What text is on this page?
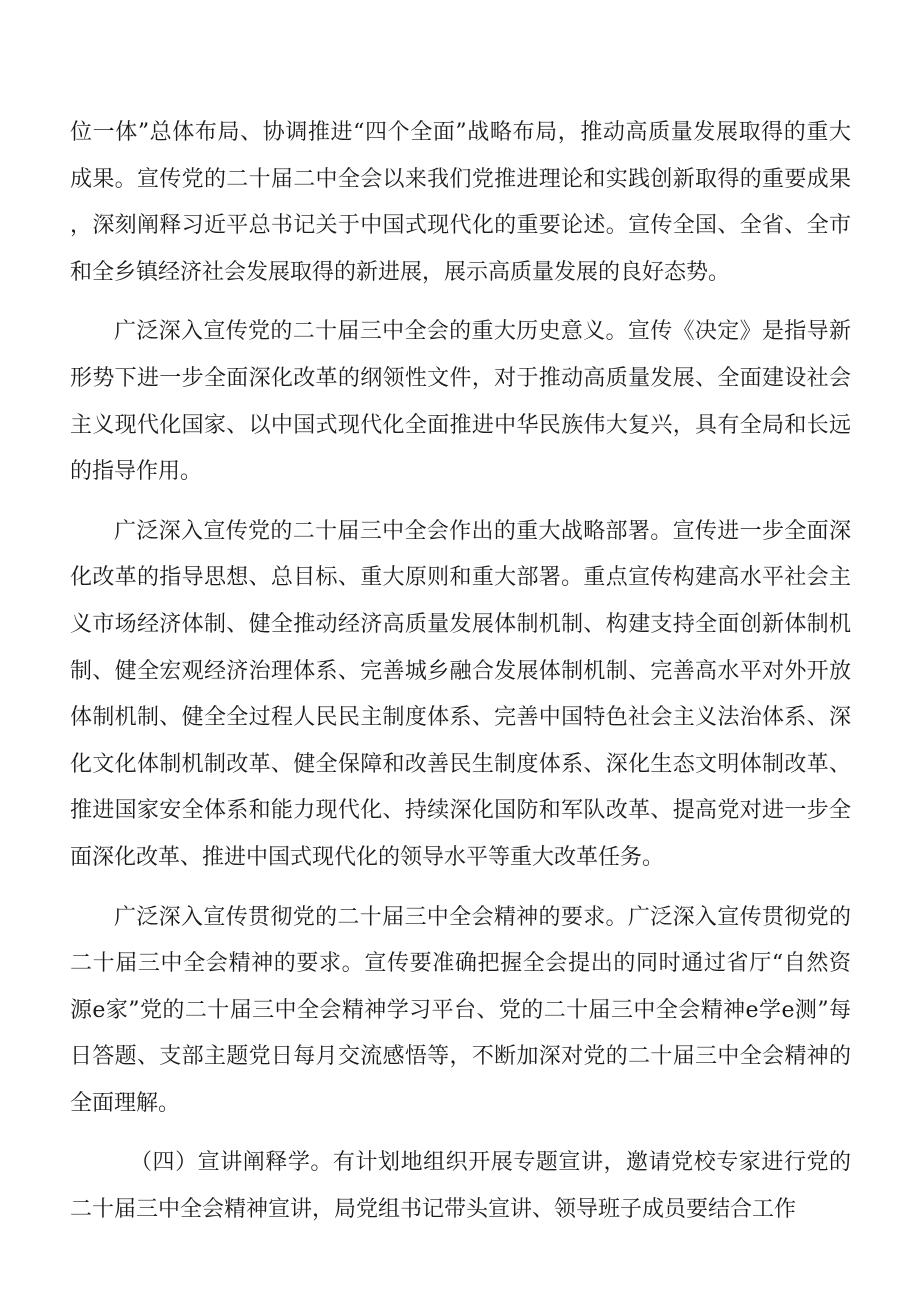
位一体”总体布局、协调推进“四个全面”战略布局，推动高质量发展取得的重大成果。宣传党的二十届二中全会以来我们党推进理论和实践创新取得的重要成果，深刻阐释习近平总书记关于中国式现代化的重要论述。宣传全国、全省、全市和全乡镇经济社会发展取得的新进展，展示高质量发展的良好态势。

广泛深入宣传党的二十届三中全会的重大历史意义。宣传《决定》是指导新形势下进一步全面深化改革的纲领性文件，对于推动高质量发展、全面建设社会主义现代化国家、以中国式现代化全面推进中华民族伟大复兴，具有全局和长远的指导作用。

广泛深入宣传党的二十届三中全会作出的重大战略部署。宣传进一步全面深化改革的指导思想、总目标、重大原则和重大部署。重点宣传构建高水平社会主义市场经济体制、健全推动经济高质量发展体制机制、构建支持全面创新体制机制、健全宏观经济治理体系、完善城乡融合发展体制机制、完善高水平对外开放体制机制、健全全过程人民民主制度体系、完善中国特色社会主义法治体系、深化文化体制机制改革、健全保障和改善民生制度体系、深化生态文明体制改革、推进国家安全体系和能力现代化、持续深化国防和军队改革、提高党对进一步全面深化改革、推进中国式现代化的领导水平等重大改革任务。

广泛深入宣传贯彻党的二十届三中全会精神的要求。广泛深入宣传贯彻党的二十届三中全会精神的要求。宣传要准确把握全会提出的同时通过省厅“自然资源e家”党的二十届三中全会精神学习平台、党的二十届三中全会精神e学e测”每日答题、支部主题党日每月交流感悟等，不断加深对党的二十届三中全会精神的全面理解。

（四）宣讲阐释学。有计划地组织开展专题宣讲，邀请党校专家进行党的二十届三中全会精神宣讲，局党组书记带头宣讲、领导班子成员要结合工作
